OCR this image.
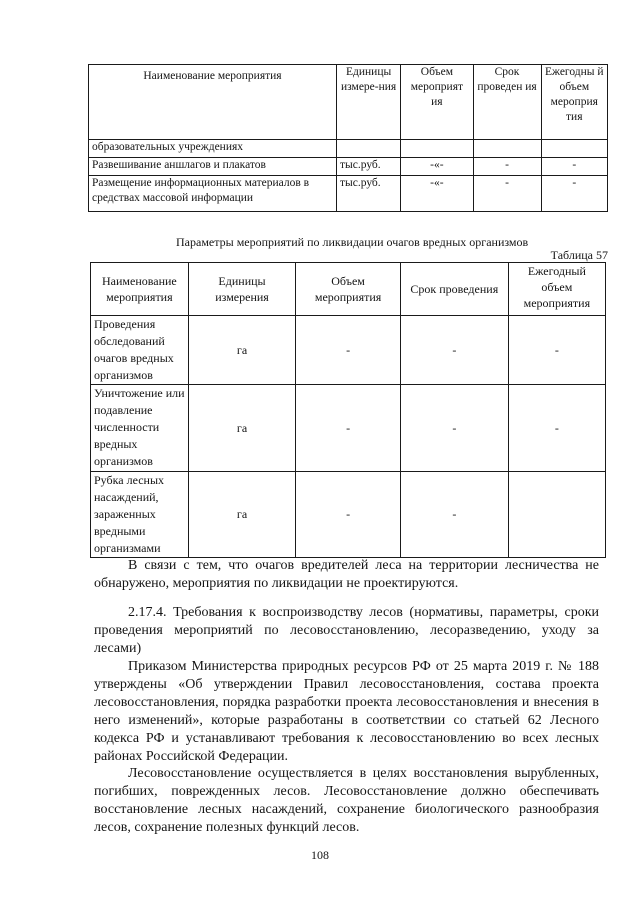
Наименование мероприятия	Единицы измере-ния	Объем мероприят ия	Срок проведен ия	Ежегодны й объем мероприя тия
образовательных учреждениях				
Развешивание аншлагов и плакатов	тыс.руб.	-«-	-	-
Размещение информационных материалов в средствах массовой информации	тыс.руб.	-«-	-	-
Параметры мероприятий по ликвидации очагов вредных организмов
Таблица 57
Наименование мероприятия	Единицы измерения	Объем мероприятия	Срок проведения	Ежегодный объем мероприятия
Проведения обследований очагов вредных организмов	га	-	-	-
Уничтожение или подавление численности вредных организмов	га	-	-	-
Рубка лесных насаждений, зараженных вредными организмами	га	-	-	

В связи с тем, что очагов вредителей леса на территории лесничества не обнаружено, мероприятия по ликвидации не проектируются.

2.17.4. Требования к воспроизводству лесов (нормативы, параметры, сроки проведения мероприятий по лесовосстановлению, лесоразведению, уходу за лесами)

Приказом Министерства природных ресурсов РФ от 25 марта 2019 г. № 188 утверждены «Об утверждении Правил лесовосстановления, состава проекта лесовосстановления, порядка разработки проекта лесовосстановления и внесения в него изменений», которые разработаны в соответствии со статьей 62 Лесного кодекса РФ и устанавливают требования к лесовосстановлению во всех лесных районах Российской Федерации.

Лесовосстановление осуществляется в целях восстановления вырубленных, погибших, поврежденных лесов. Лесовосстановление должно обеспечивать восстановление лесных насаждений, сохранение биологического разнообразия лесов, сохранение полезных функций лесов.

108
